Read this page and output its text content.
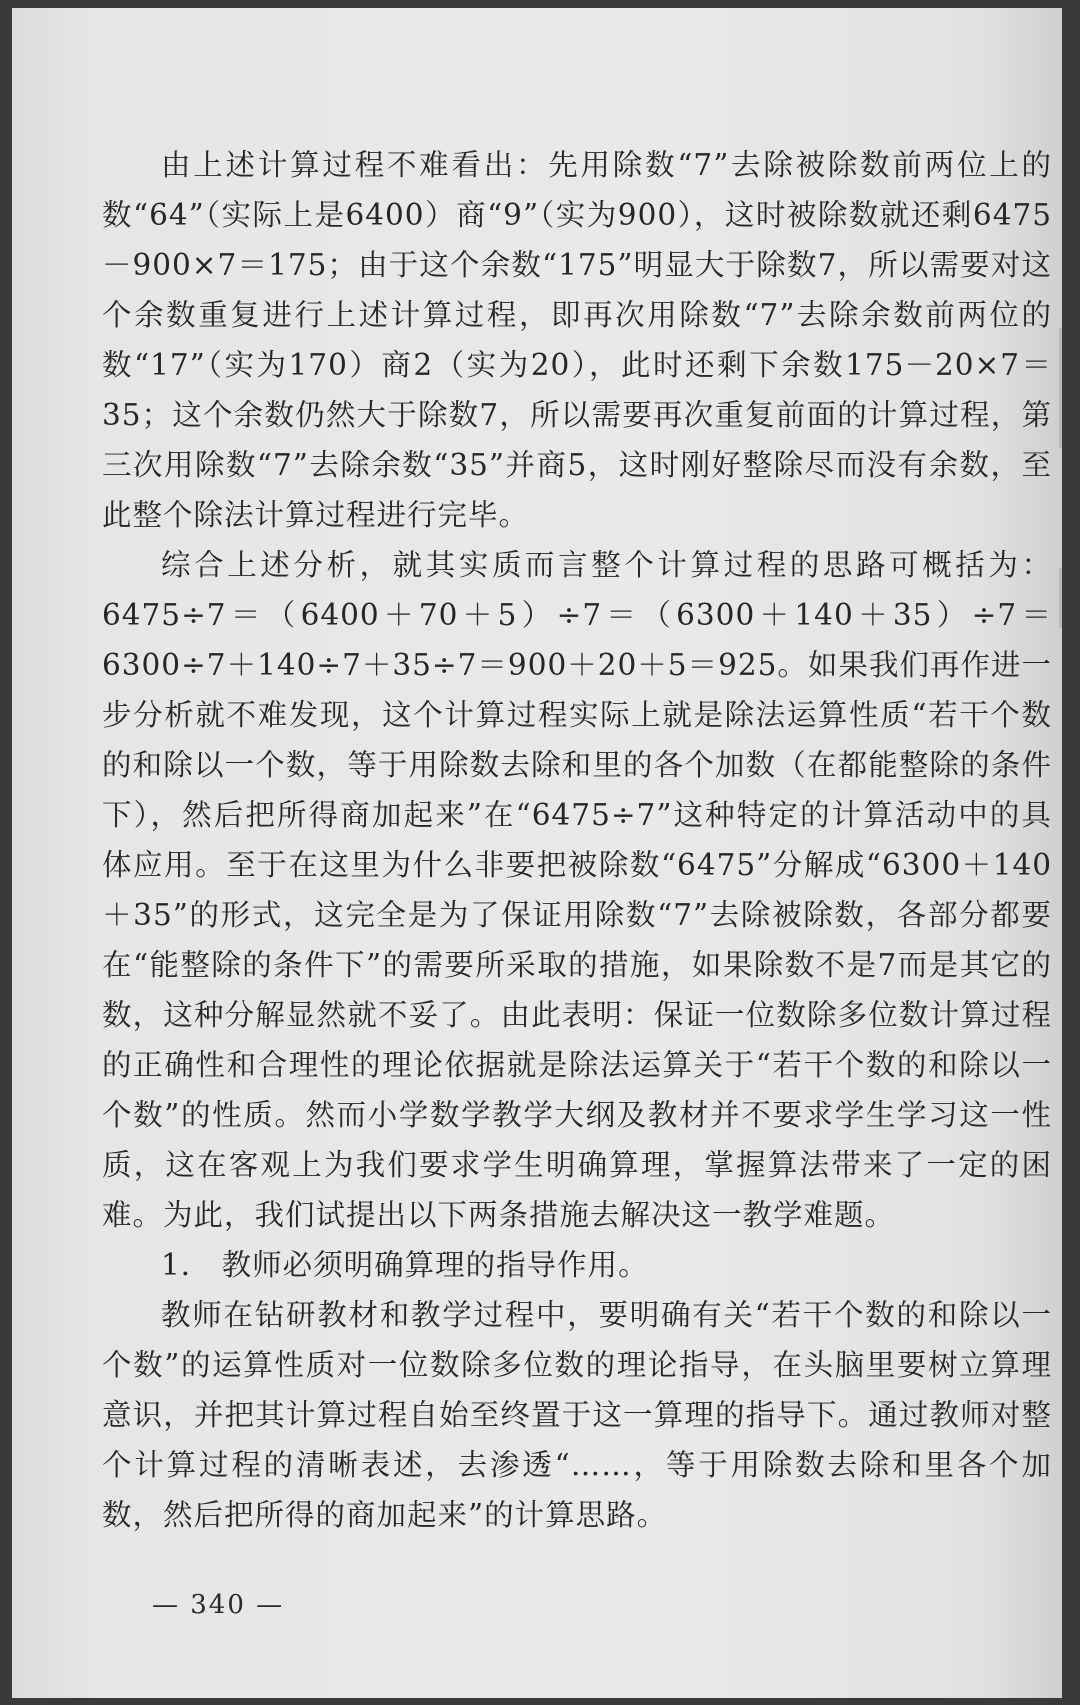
由上述计算过程不难看出：先用除数“7”去除被除数前两位上的数“64”（实际上是6400）商“9”（实为900），这时被除数就还剩6475－900×7＝175；由于这个余数“175”明显大于除数7，所以需要对这个余数重复进行上述计算过程，即再次用除数“7”去除余数前两位的数“17”（实为170）商2（实为20），此时还剩下余数175－20×7＝35；这个余数仍然大于除数7，所以需要再次重复前面的计算过程，第三次用除数“7”去除余数“35”并商5，这时刚好整除尽而没有余数，至此整个除法计算过程进行完毕。

综合上述分析，就其实质而言整个计算过程的思路可概括为：6475÷7＝（6400＋70＋5）÷7＝（6300＋140＋35）÷7＝6300÷7＋140÷7＋35÷7＝900＋20＋5＝925。如果我们再作进一步分析就不难发现，这个计算过程实际上就是除法运算性质“若干个数的和除以一个数，等于用除数去除和里的各个加数（在都能整除的条件下），然后把所得商加起来”在“6475÷7”这种特定的计算活动中的具体应用。至于在这里为什么非要把被除数“6475”分解成“6300＋140＋35”的形式，这完全是为了保证用除数“7”去除被除数，各部分都要在“能整除的条件下”的需要所采取的措施，如果除数不是7而是其它的数，这种分解显然就不妥了。由此表明：保证一位数除多位数计算过程的正确性和合理性的理论依据就是除法运算关于“若干个数的和除以一个数”的性质。然而小学数学教学大纲及教材并不要求学生学习这一性质，这在客观上为我们要求学生明确算理，掌握算法带来了一定的困难。为此，我们试提出以下两条措施去解决这一教学难题。

1． 教师必须明确算理的指导作用。

教师在钻研教材和教学过程中，要明确有关“若干个数的和除以一个数”的运算性质对一位数除多位数的理论指导，在头脑里要树立算理意识，并把其计算过程自始至终置于这一算理的指导下。通过教师对整个计算过程的清晰表述，去渗透“……，等于用除数去除和里各个加数，然后把所得的商加起来”的计算思路。

— 340 —
